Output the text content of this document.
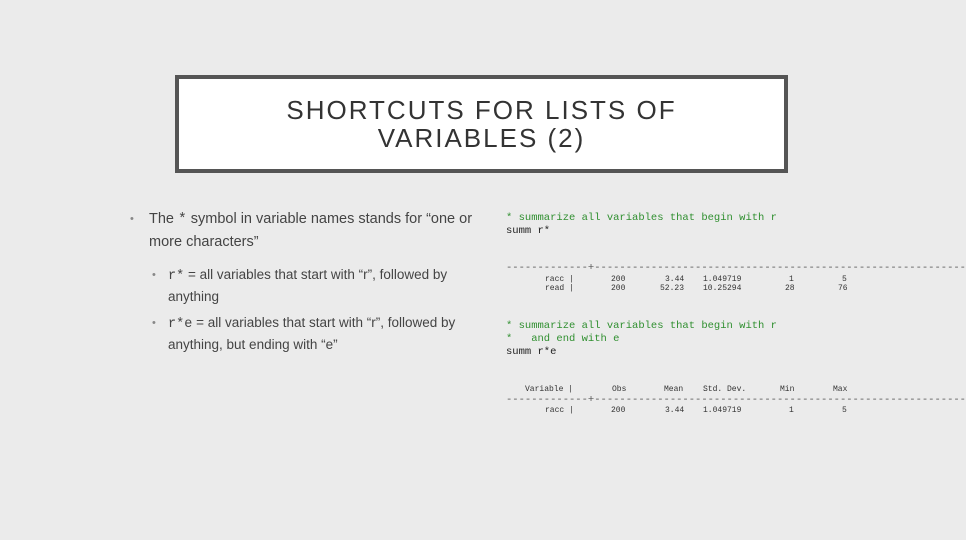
SHORTCUTS FOR LISTS OF
VARIABLES (2)
• The * symbol in variable names stands for “one or more characters”
• r* = all variables that start with “r”, followed by anything
• r*e = all variables that start with “r”, followed by anything, but ending with “e”
* summarize all variables that begin with r
summ r*
-------------+-----------------------------------------------------------
racc |	200	3.44 1.049719	1	5
read |	200	52.23 10.25294	28	76
* summarize all variables that begin with r
*   and end with e
summ r*e
Variable |	Obs	Mean Std. Dev.	Min	Max
-------------+-----------------------------------------------------------
racc |	200	3.44 1.049719	1	5
